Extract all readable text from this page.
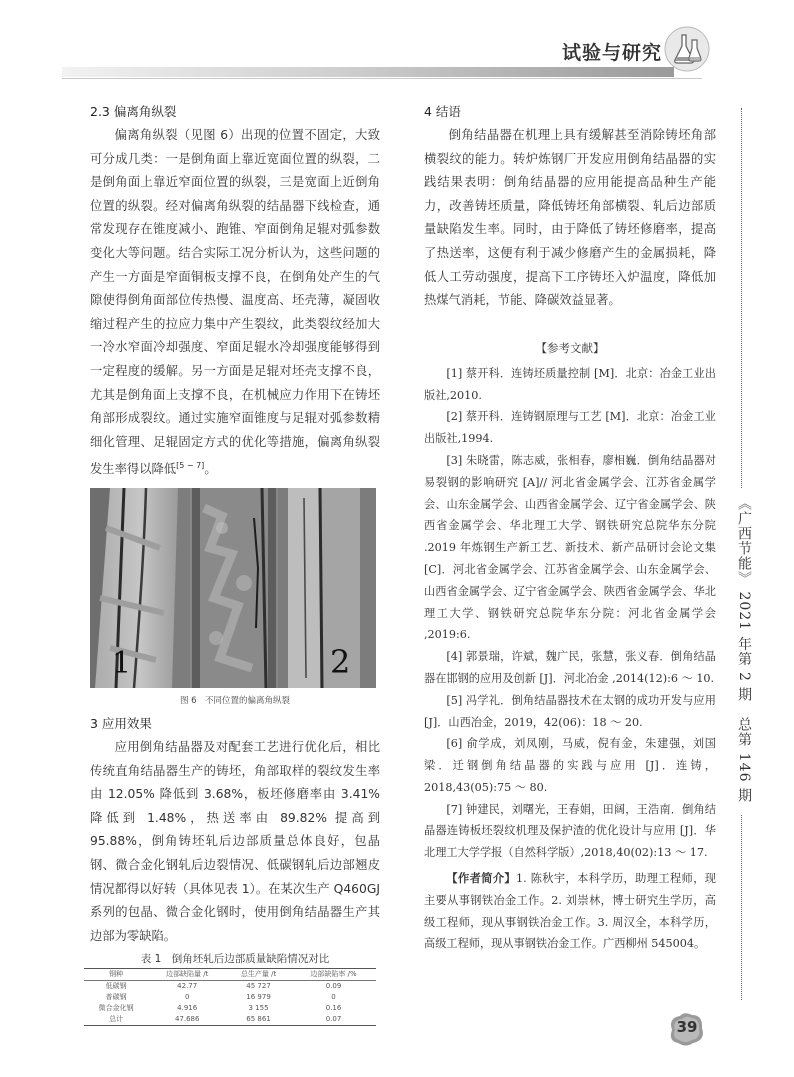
试验与研究
2.3 偏离角纵裂

偏离角纵裂（见图 6）出现的位置不固定，大致可分成几类：一是倒角面上靠近宽面位置的纵裂，二是倒角面上靠近窄面位置的纵裂，三是宽面上近倒角位置的纵裂。经对偏离角纵裂的结晶器下线检查，通常发现存在锥度减小、跑锥、窄面倒角足辊对弧参数变化大等问题。结合实际工况分析认为，这些问题的产生一方面是窄面铜板支撑不良，在倒角处产生的气隙使得倒角面部位传热慢、温度高、坯壳薄，凝固收缩过程产生的拉应力集中产生裂纹，此类裂纹经加大一冷水窄面冷却强度、窄面足辊水冷却强度能够得到一定程度的缓解。另一方面是足辊对坯壳支撑不良，尤其是倒角面上支撑不良，在机械应力作用下在铸坯角部形成裂纹。通过实施窄面锥度与足辊对弧参数精细化管理、足辊固定方式的优化等措施，偏离角纵裂发生率得以降低[5 − 7]。

1	2
图 6　不同位置的偏离角纵裂
3 应用效果

应用倒角结晶器及对配套工艺进行优化后，相比传统直角结晶器生产的铸坯，角部取样的裂纹发生率由 12.05% 降低到 3.68%，板坯修磨率由 3.41% 降低到 1.48%，热送率由 89.82% 提高到 95.88%，倒角铸坯轧后边部质量总体良好，包晶钢、微合金化钢轧后边裂情况、低碳钢轧后边部翘皮情况都得以好转（具体见表 1）。在某次生产 Q460GJ 系列的包晶、微合金化钢时，使用倒角结晶器生产其边部为零缺陷。

表 1　倒角坯轧后边部质量缺陷情况对比
钢种	边部缺陷量 /t	总生产量 /t	边部缺陷率 /%
低碳钢	42.77	45 727	0.09
普碳钢	0	16 979	0
微合金化钢	4.916	3 155	0.16
总计	47.686	65 861	0.07
4 结语

倒角结晶器在机理上具有缓解甚至消除铸坯角部横裂纹的能力。转炉炼钢厂开发应用倒角结晶器的实践结果表明：倒角结晶器的应用能提高品种生产能力，改善铸坯质量，降低铸坯角部横裂、轧后边部质量缺陷发生率。同时，由于降低了铸坯修磨率，提高了热送率，这便有利于减少修磨产生的金属损耗，降低人工劳动强度，提高下工序铸坯入炉温度，降低加热煤气消耗，节能、降碳效益显著。

【参考文献】

[1] 蔡开科．连铸坯质量控制 [M]．北京：冶金工业出版社,2010.

[2] 蔡开科．连铸钢原理与工艺 [M]．北京：冶金工业出版社,1994.

[3] 朱晓雷，陈志威，张相春，廖相巍．倒角结晶器对易裂钢的影响研究 [A]// 河北省金属学会、江苏省金属学会、山东金属学会、山西省金属学会、辽宁省金属学会、陕西省金属学会、华北理工大学、钢铁研究总院华东分院 .2019 年炼钢生产新工艺、新技术、新产品研讨会论文集 [C]．河北省金属学会、江苏省金属学会、山东金属学会、山西省金属学会、辽宁省金属学会、陕西省金属学会、华北理工大学、钢铁研究总院华东分院：河北省金属学会 ,2019:6.

[4] 郭景瑞，许斌，魏广民，张慧，张义春．倒角结晶器在邯钢的应用及创新 [J]．河北冶金 ,2014(12):6 ～ 10.

[5] 冯学礼．倒角结晶器技术在太钢的成功开发与应用 [J]．山西冶金，2019，42(06)：18 ～ 20.

[6] 俞学成，刘凤刚，马威，倪有金，朱建强，刘国梁．迁钢倒角结晶器的实践与应用 [J]．连铸，2018,43(05):75 ～ 80.

[7] 钟建民，刘曙光，王春娟，田阔，王浩南．倒角结晶器连铸板坯裂纹机理及保护渣的优化设计与应用 [J]．华北理工大学学报（自然科学版）,2018,40(02):13 ～ 17.

【作者简介】1. 陈秋宇，本科学历，助理工程师，现主要从事钢铁冶金工作。2. 刘崇林，博士研究生学历，高级工程师，现从事钢铁冶金工作。3. 周汉全，本科学历，高级工程师，现从事钢铁冶金工作。广西柳州 545004。

《广西节能》 2021 年第 2 期　总第 146 期
39
